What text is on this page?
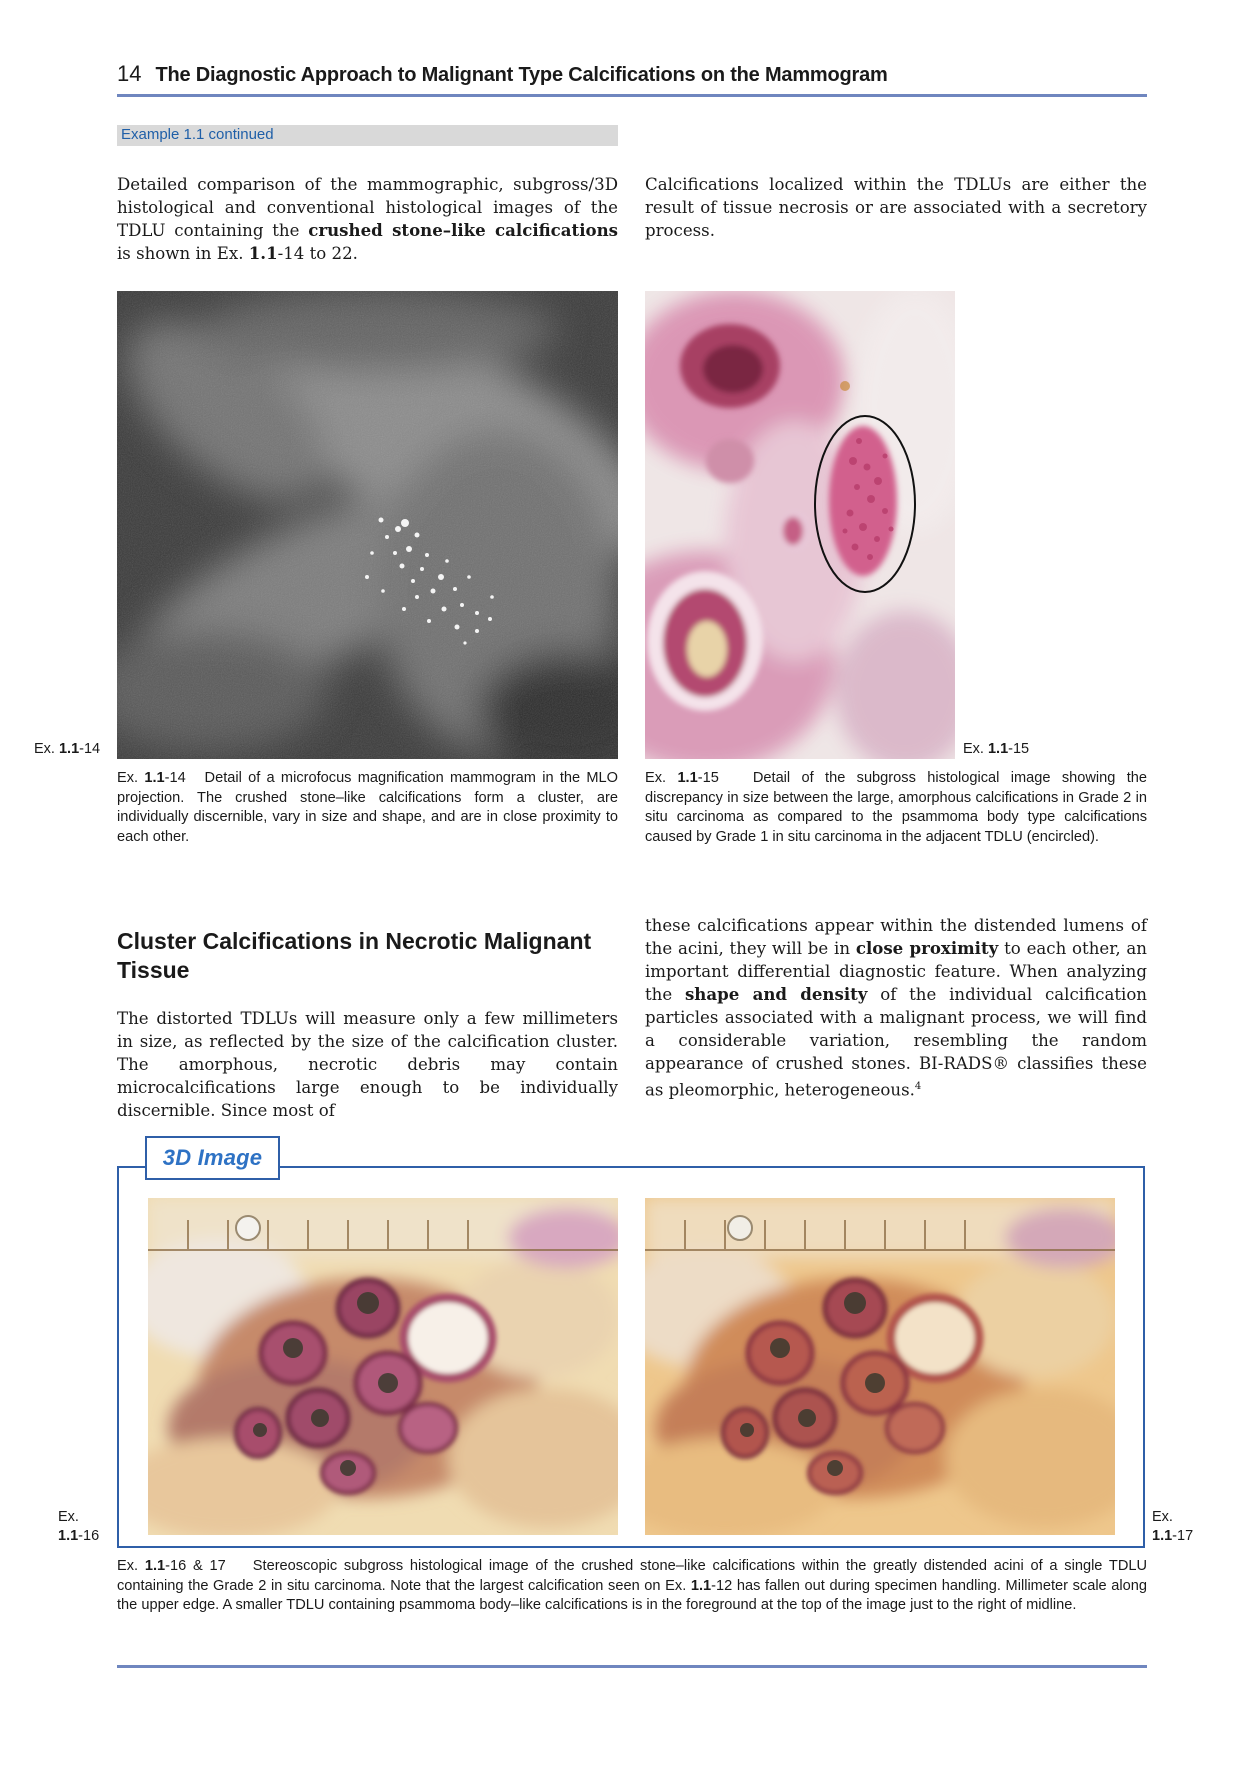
14 The Diagnostic Approach to Malignant Type Calcifications on the Mammogram
Example 1.1 continued
Detailed comparison of the mammographic, subgross/3D histological and conventional histological images of the TDLU containing the crushed stone–like calcifications is shown in Ex. 1.1-14 to 22.
Calcifications localized within the TDLUs are either the result of tissue necrosis or are associated with a secretory process.
Ex. 1.1-14	Ex. 1.1-15
Ex. 1.1-14 Detail of a microfocus magnification mammogram in the MLO projection. The crushed stone–like calcifications form a cluster, are individually discernible, vary in size and shape, and are in close proximity to each other.
Ex. 1.1-15 Detail of the subgross histological image showing the discrepancy in size between the large, amorphous calcifications in Grade 2 in situ carcinoma as compared to the psammoma body type calcifications caused by Grade 1 in situ carcinoma in the adjacent TDLU (encircled).
Cluster Calcifications in Necrotic Malignant Tissue
The distorted TDLUs will measure only a few millimeters in size, as reflected by the size of the calcification cluster. The amorphous, necrotic debris may contain microcalcifications large enough to be individually discernible. Since most of
these calcifications appear within the distended lumens of the acini, they will be in close proximity to each other, an important differential diagnostic feature. When analyzing the shape and density of the individual calcification particles associated with a malignant process, we will find a considerable variation, resembling the random appearance of crushed stones. BI-RADS® classifies these as pleomorphic, heterogeneous.$^4$
3D Image
Ex.
1.1-16
Ex.
1.1-17
Ex. 1.1-16 & 17 Stereoscopic subgross histological image of the crushed stone–like calcifications within the greatly distended acini of a single TDLU containing the Grade 2 in situ carcinoma. Note that the largest calcification seen on Ex. 1.1-12 has fallen out during specimen handling. Millimeter scale along the upper edge. A smaller TDLU containing psammoma body–like calcifications is in the foreground at the top of the image just to the right of midline.
